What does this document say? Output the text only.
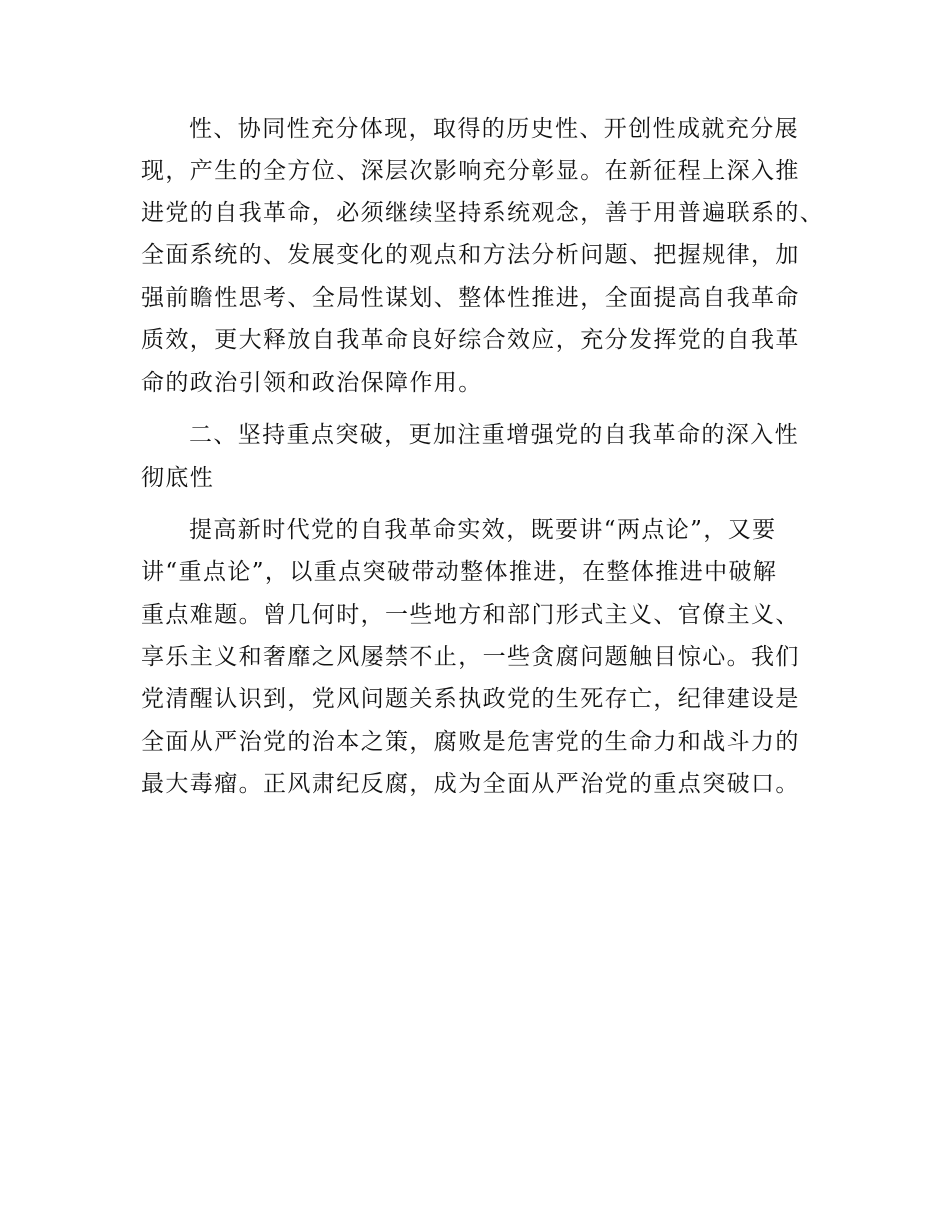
性、协同性充分体现，取得的历史性、开创性成就充分展
现，产生的全方位、深层次影响充分彰显。在新征程上深入推
进党的自我革命，必须继续坚持系统观念，善于用普遍联系的、
全面系统的、发展变化的观点和方法分析问题、把握规律，加
强前瞻性思考、全局性谋划、整体性推进，全面提高自我革命
质效，更大释放自我革命良好综合效应，充分发挥党的自我革
命的政治引领和政治保障作用。
二、坚持重点突破，更加注重增强党的自我革命的深入性
彻底性
提高新时代党的自我革命实效，既要讲“两点论”，又要
讲“重点论”，以重点突破带动整体推进，在整体推进中破解
重点难题。曾几何时，一些地方和部门形式主义、官僚主义、
享乐主义和奢靡之风屡禁不止，一些贪腐问题触目惊心。我们
党清醒认识到，党风问题关系执政党的生死存亡，纪律建设是
全面从严治党的治本之策，腐败是危害党的生命力和战斗力的
最大毒瘤。正风肃纪反腐，成为全面从严治党的重点突破口。
